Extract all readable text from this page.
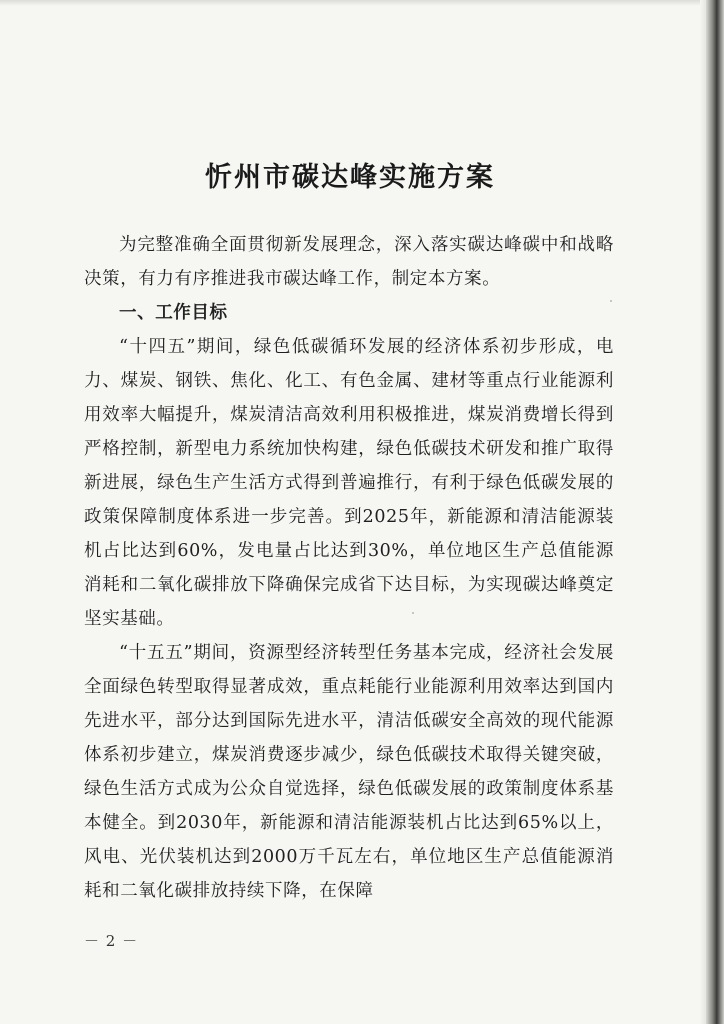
忻州市碳达峰实施方案

为完整准确全面贯彻新发展理念，深入落实碳达峰碳中和战略决策，有力有序推进我市碳达峰工作，制定本方案。

一、工作目标

“十四五”期间，绿色低碳循环发展的经济体系初步形成，电力、煤炭、钢铁、焦化、化工、有色金属、建材等重点行业能源利用效率大幅提升，煤炭清洁高效利用积极推进，煤炭消费增长得到严格控制，新型电力系统加快构建，绿色低碳技术研发和推广取得新进展，绿色生产生活方式得到普遍推行，有利于绿色低碳发展的政策保障制度体系进一步完善。到2025年，新能源和清洁能源装机占比达到60%，发电量占比达到30%，单位地区生产总值能源消耗和二氧化碳排放下降确保完成省下达目标，为实现碳达峰奠定坚实基础。

“十五五”期间，资源型经济转型任务基本完成，经济社会发展全面绿色转型取得显著成效，重点耗能行业能源利用效率达到国内先进水平，部分达到国际先进水平，清洁低碳安全高效的现代能源体系初步建立，煤炭消费逐步减少，绿色低碳技术取得关键突破，绿色生活方式成为公众自觉选择，绿色低碳发展的政策制度体系基本健全。到2030年，新能源和清洁能源装机占比达到65%以上，风电、光伏装机达到2000万千瓦左右，单位地区生产总值能源消耗和二氧化碳排放持续下降，在保障

－ 2 －
